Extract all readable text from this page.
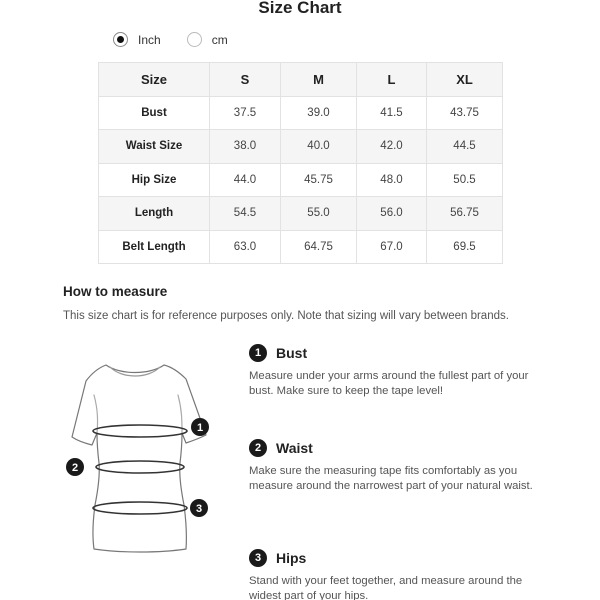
Size Chart
Inch	cm
Size	S	M	L	XL
Bust	37.5	39.0	41.5	43.75
Waist Size	38.0	40.0	42.0	44.5
Hip Size	44.0	45.75	48.0	50.5
Length	54.5	55.0	56.0	56.75
Belt Length	63.0	64.75	67.0	69.5
How to measure
This size chart is for reference purposes only. Note that sizing will vary between brands.
1
2
3
1	Bust
Measure under your arms around the fullest part of your bust. Make sure to keep the tape level!
2	Waist
Make sure the measuring tape fits comfortably as you measure around the narrowest part of your natural waist.
3	Hips
Stand with your feet together, and measure around the widest part of your hips.
